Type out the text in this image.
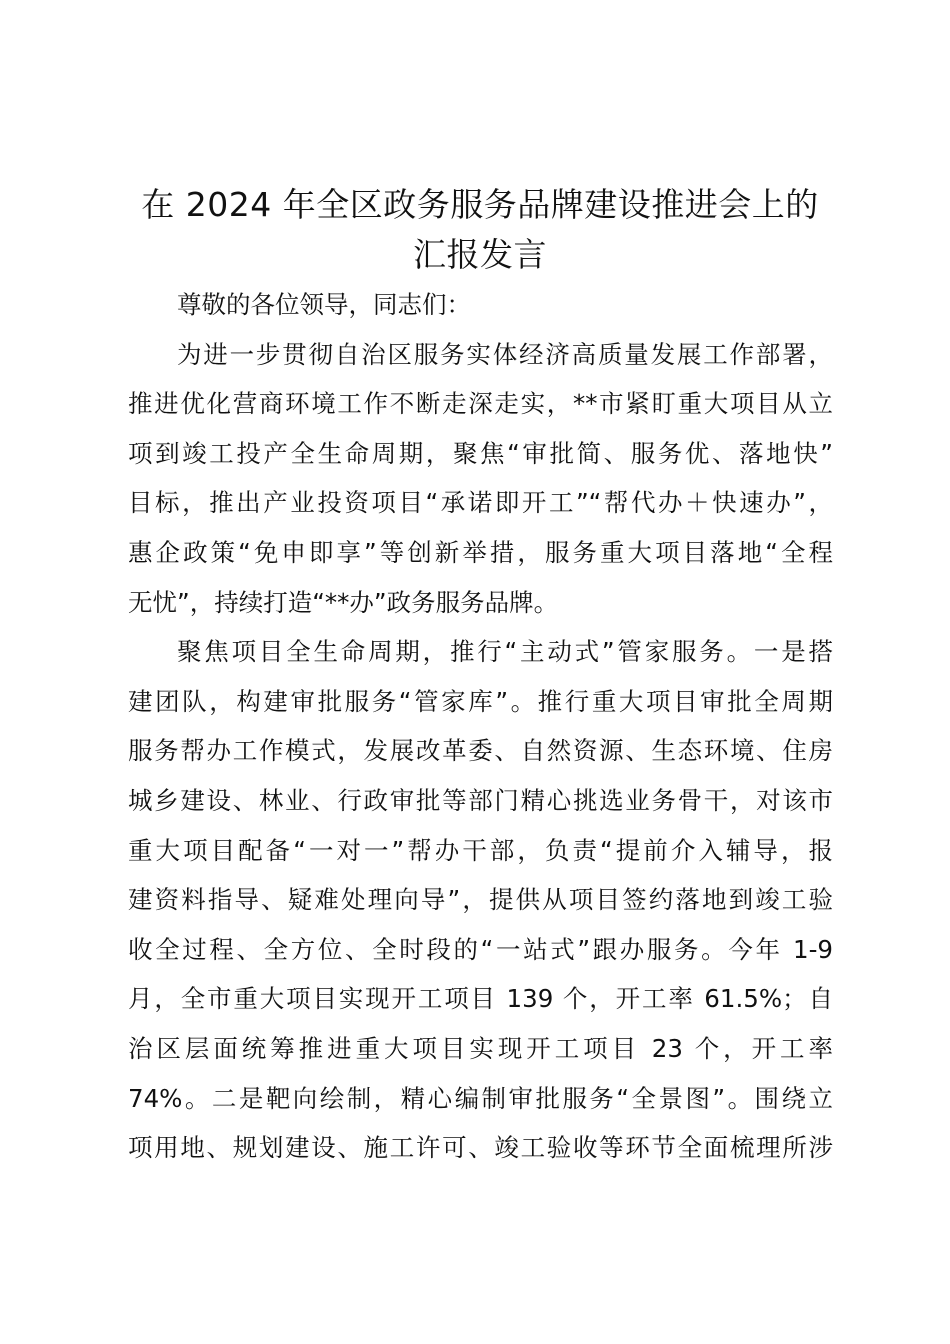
在 2024 年全区政务服务品牌建设推进会上的
汇报发言
尊敬的各位领导，同志们：
为进一步贯彻自治区服务实体经济高质量发展工作部署，
推进优化营商环境工作不断走深走实，**市紧盯重大项目从立
项到竣工投产全生命周期，聚焦“审批简、服务优、落地快”
目标，推出产业投资项目“承诺即开工”“帮代办＋快速办”，
惠企政策“免申即享”等创新举措，服务重大项目落地“全程
无忧”，持续打造“**办”政务服务品牌。
聚焦项目全生命周期，推行“主动式”管家服务。一是搭
建团队，构建审批服务“管家库”。推行重大项目审批全周期
服务帮办工作模式，发展改革委、自然资源、生态环境、住房
城乡建设、林业、行政审批等部门精心挑选业务骨干，对该市
重大项目配备“一对一”帮办干部，负责“提前介入辅导，报
建资料指导、疑难处理向导”，提供从项目签约落地到竣工验
收全过程、全方位、全时段的“一站式”跟办服务。今年 1-9
月，全市重大项目实现开工项目 139 个，开工率 61.5%；自
治区层面统筹推进重大项目实现开工项目 23 个，开工率
74%。二是靶向绘制，精心编制审批服务“全景图”。围绕立
项用地、规划建设、施工许可、竣工验收等环节全面梳理所涉
